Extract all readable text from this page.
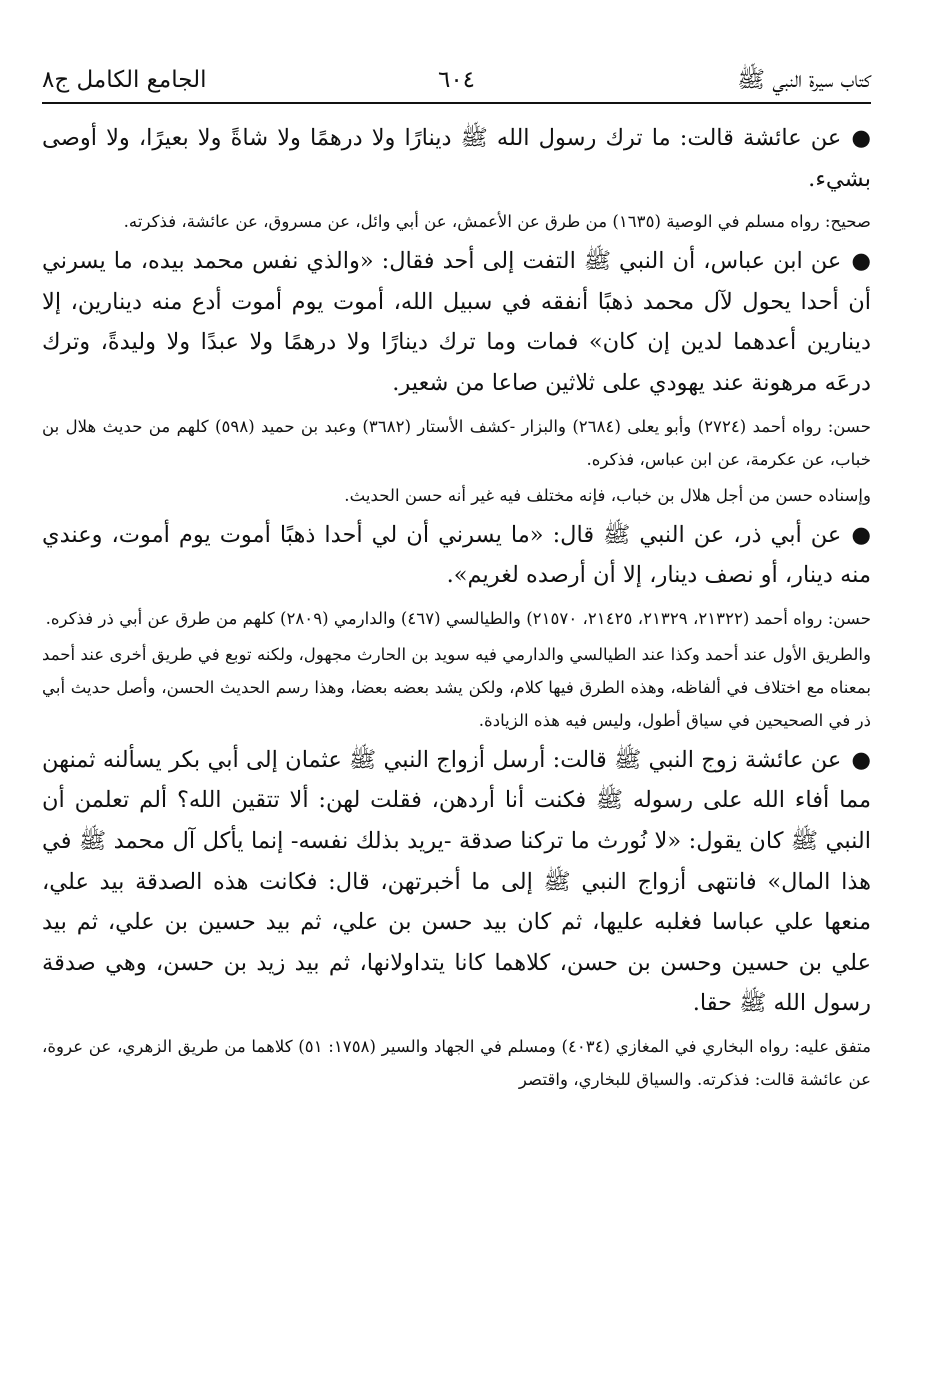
كتاب سيرة النبي ﷺ
٦٠٤
الجامع الكامل ج٨

●عن عائشة قالت: ما ترك رسول الله ﷺ دينارًا ولا درهمًا ولا شاةً ولا بعيرًا، ولا أوصى بشيء.

صحيح: رواه مسلم في الوصية (١٦٣٥) من طرق عن الأعمش، عن أبي وائل، عن مسروق، عن عائشة، فذكرته.

●عن ابن عباس، أن النبي ﷺ التفت إلى أحد فقال: «والذي نفس محمد بيده، ما يسرني أن أحدا يحول لآل محمد ذهبًا أنفقه في سبيل الله، أموت يوم أموت أدع منه دينارين، إلا دينارين أعدهما لدين إن كان» فمات وما ترك دينارًا ولا درهمًا ولا عبدًا ولا وليدةً، وترك درعَه مرهونة عند يهودي على ثلاثين صاعا من شعير.

حسن: رواه أحمد (٢٧٢٤) وأبو يعلى (٢٦٨٤) والبزار -كشف الأستار (٣٦٨٢) وعبد بن حميد (٥٩٨) كلهم من حديث هلال بن خباب، عن عكرمة، عن ابن عباس، فذكره.

وإسناده حسن من أجل هلال بن خباب، فإنه مختلف فيه غير أنه حسن الحديث.

●عن أبي ذر، عن النبي ﷺ قال: «ما يسرني أن لي أحدا ذهبًا أموت يوم أموت، وعندي منه دينار، أو نصف دينار، إلا أن أرصده لغريم».

حسن: رواه أحمد (٢١٣٢٢، ٢١٣٢٩، ٢١٤٢٥، ٢١٥٧٠) والطيالسي (٤٦٧) والدارمي (٢٨٠٩) كلهم من طرق عن أبي ذر فذكره.

والطريق الأول عند أحمد وكذا عند الطيالسي والدارمي فيه سويد بن الحارث مجهول، ولكنه توبع في طريق أخرى عند أحمد بمعناه مع اختلاف في ألفاظه، وهذه الطرق فيها كلام، ولكن يشد بعضه بعضا، وهذا رسم الحديث الحسن، وأصل حديث أبي ذر في الصحيحين في سياق أطول، وليس فيه هذه الزيادة.

●عن عائشة زوج النبي ﷺ قالت: أرسل أزواج النبي ﷺ عثمان إلى أبي بكر يسألنه ثمنهن مما أفاء الله على رسوله ﷺ فكنت أنا أردهن، فقلت لهن: ألا تتقين الله؟ ألم تعلمن أن النبي ﷺ كان يقول: «لا نُورث ما تركنا صدقة -يريد بذلك نفسه- إنما يأكل آل محمد ﷺ في هذا المال» فانتهى أزواج النبي ﷺ إلى ما أخبرتهن، قال: فكانت هذه الصدقة بيد علي، منعها علي عباسا فغلبه عليها، ثم كان بيد حسن بن علي، ثم بيد حسين بن علي، ثم بيد علي بن حسين وحسن بن حسن، كلاهما كانا يتداولانها، ثم بيد زيد بن حسن، وهي صدقة رسول الله ﷺ حقا.

متفق عليه: رواه البخاري في المغازي (٤٠٣٤) ومسلم في الجهاد والسير (١٧٥٨: ٥١) كلاهما من طريق الزهري، عن عروة، عن عائشة قالت: فذكرته. والسياق للبخاري، واقتصر
